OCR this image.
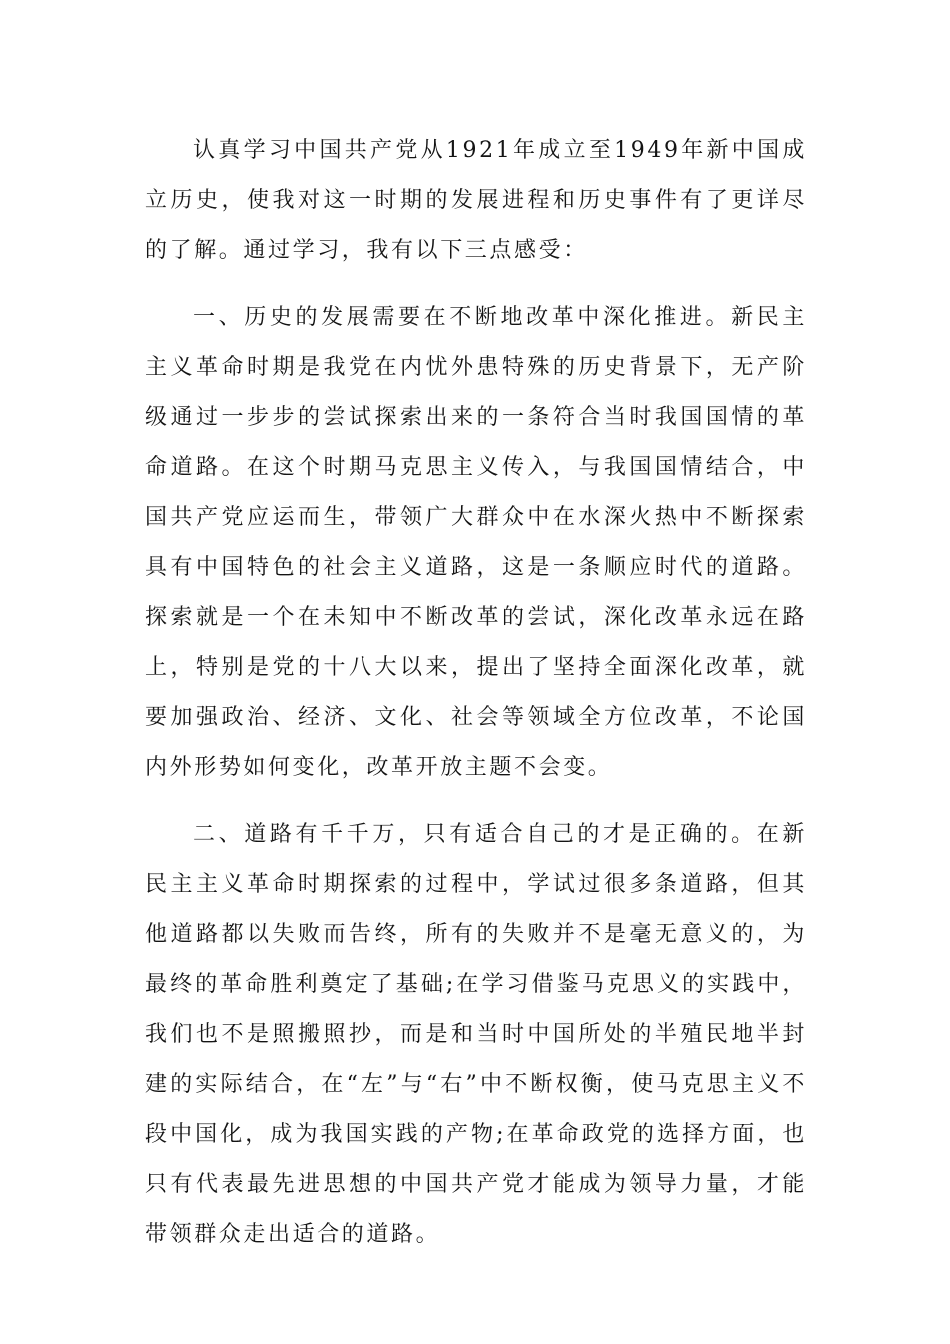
认真学习中国共产党从1921年成立至1949年新中国成立历史，使我对这一时期的发展进程和历史事件有了更详尽的了解。通过学习，我有以下三点感受：

一、历史的发展需要在不断地改革中深化推进。新民主主义革命时期是我党在内忧外患特殊的历史背景下，无产阶级通过一步步的尝试探索出来的一条符合当时我国国情的革命道路。在这个时期马克思主义传入，与我国国情结合，中国共产党应运而生，带领广大群众中在水深火热中不断探索具有中国特色的社会主义道路，这是一条顺应时代的道路。探索就是一个在未知中不断改革的尝试，深化改革永远在路上，特别是党的十八大以来，提出了坚持全面深化改革，就要加强政治、经济、文化、社会等领域全方位改革，不论国内外形势如何变化，改革开放主题不会变。

二、道路有千千万，只有适合自己的才是正确的。在新民主主义革命时期探索的过程中，学试过很多条道路，但其他道路都以失败而告终，所有的失败并不是毫无意义的，为最终的革命胜利奠定了基础;在学习借鉴马克思义的实践中，我们也不是照搬照抄，而是和当时中国所处的半殖民地半封建的实际结合，在“左”与“右”中不断权衡，使马克思主义不段中国化，成为我国实践的产物;在革命政党的选择方面，也只有代表最先进思想的中国共产党才能成为领导力量，才能带领群众走出适合的道路。
